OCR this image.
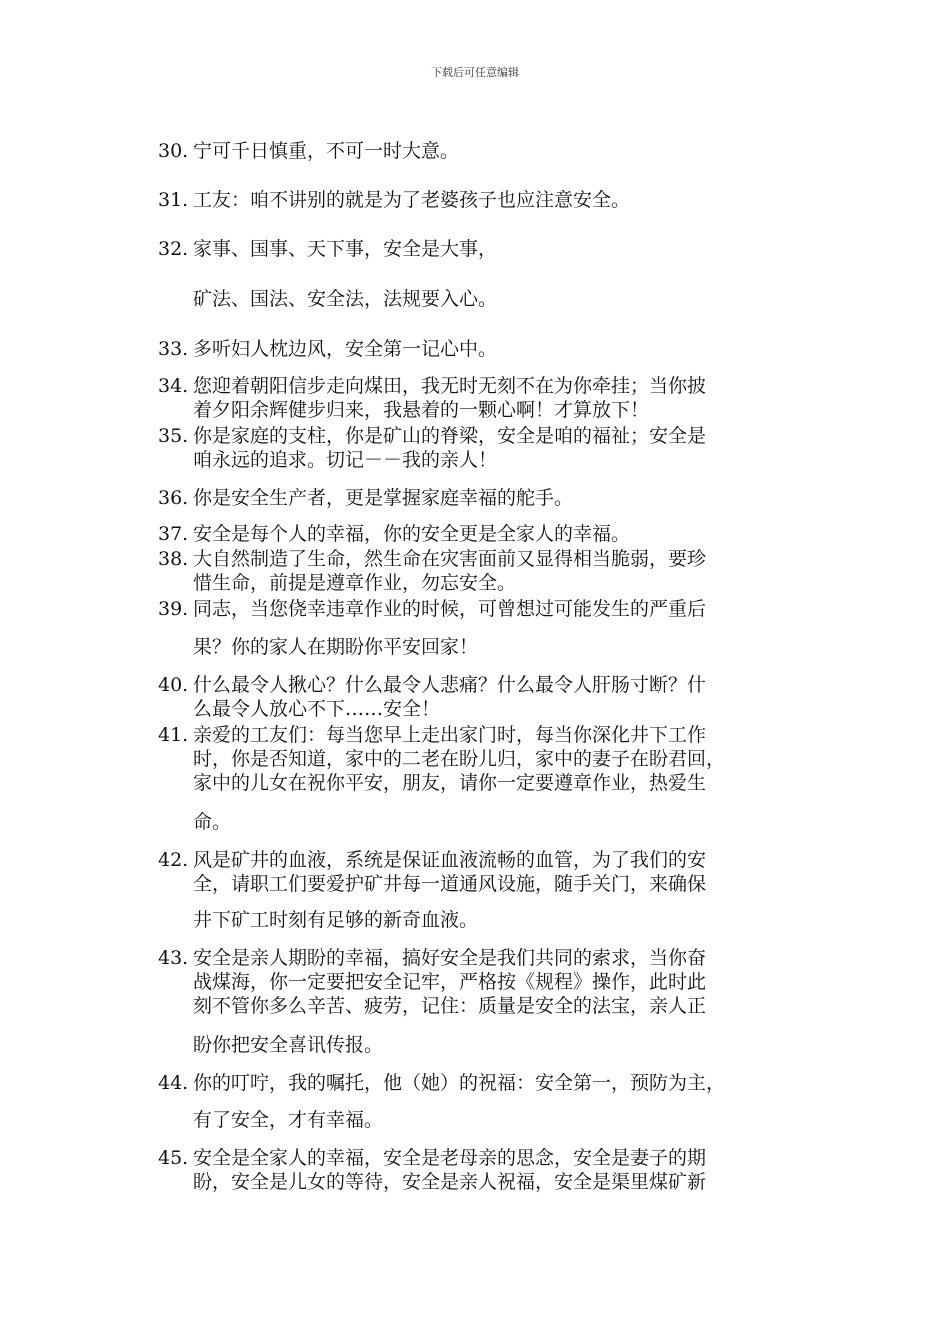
下载后可任意编辑
30. 宁可千日慎重，不可一时大意。
31. 工友：咱不讲别的就是为了老婆孩子也应注意安全。
32. 家事、国事、天下事，安全是大事，
矿法、国法、安全法，法规要入心。
33. 多听妇人枕边风，安全第一记心中。
34. 您迎着朝阳信步走向煤田，我无时无刻不在为你牵挂；当你披
着夕阳余辉健步归来，我悬着的一颗心啊！才算放下！
35. 你是家庭的支柱，你是矿山的脊梁，安全是咱的福祉；安全是
咱永远的追求。切记－－我的亲人！
36. 你是安全生产者，更是掌握家庭幸福的舵手。
37. 安全是每个人的幸福，你的安全更是全家人的幸福。
38. 大自然制造了生命，然生命在灾害面前又显得相当脆弱，要珍
惜生命，前提是遵章作业，勿忘安全。
39. 同志，当您侥幸违章作业的时候，可曾想过可能发生的严重后
果？你的家人在期盼你平安回家！
40. 什么最令人揪心？什么最令人悲痛？什么最令人肝肠寸断？什
么最令人放心不下……安全！
41. 亲爱的工友们：每当您早上走出家门时，每当你深化井下工作
时，你是否知道，家中的二老在盼儿归，家中的妻子在盼君回，
家中的儿女在祝你平安，朋友，请你一定要遵章作业，热爱生
命。
42. 风是矿井的血液，系统是保证血液流畅的血管，为了我们的安
全，请职工们要爱护矿井每一道通风设施，随手关门，来确保
井下矿工时刻有足够的新奇血液。
43. 安全是亲人期盼的幸福，搞好安全是我们共同的索求，当你奋
战煤海，你一定要把安全记牢，严格按《规程》操作，此时此
刻不管你多么辛苦、疲劳，记住：质量是安全的法宝，亲人正
盼你把安全喜讯传报。
44. 你的叮咛，我的嘱托，他（她）的祝福：安全第一，预防为主，
有了安全，才有幸福。
45. 安全是全家人的幸福，安全是老母亲的思念，安全是妻子的期
盼，安全是儿女的等待，安全是亲人祝福，安全是渠里煤矿新
